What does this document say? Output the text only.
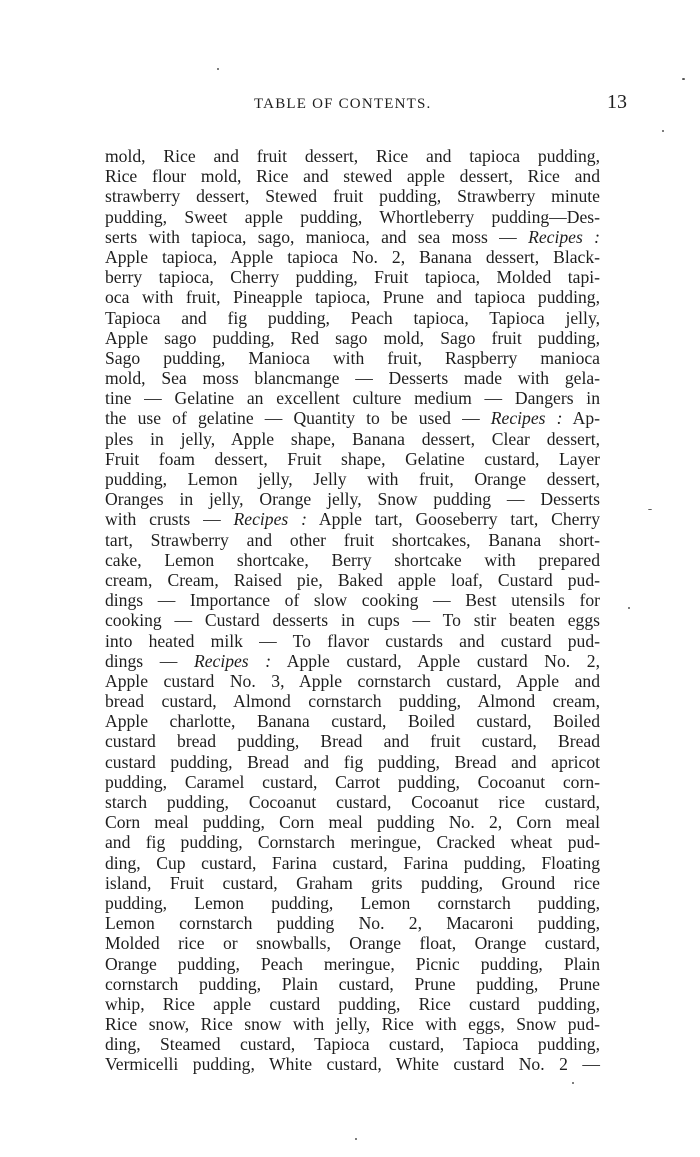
TABLE OF CONTENTS.	13
mold, Rice and fruit dessert, Rice and tapioca pudding,
Rice flour mold, Rice and stewed apple dessert, Rice and
strawberry dessert, Stewed fruit pudding, Strawberry minute
pudding, Sweet apple pudding, Whortleberry pudding—Des-
serts with tapioca, sago, manioca, and sea moss — Recipes :
Apple tapioca, Apple tapioca No. 2, Banana dessert, Black-
berry tapioca, Cherry pudding, Fruit tapioca, Molded tapi-
oca with fruit, Pineapple tapioca, Prune and tapioca pudding,
Tapioca and fig pudding, Peach tapioca, Tapioca jelly,
Apple sago pudding, Red sago mold, Sago fruit pudding,
Sago pudding, Manioca with fruit, Raspberry manioca
mold, Sea moss blancmange — Desserts made with gela-
tine — Gelatine an excellent culture medium — Dangers in
the use of gelatine — Quantity to be used — Recipes : Ap-
ples in jelly, Apple shape, Banana dessert, Clear dessert,
Fruit foam dessert, Fruit shape, Gelatine custard, Layer
pudding, Lemon jelly, Jelly with fruit, Orange dessert,
Oranges in jelly, Orange jelly, Snow pudding — Desserts
with crusts — Recipes : Apple tart, Gooseberry tart, Cherry
tart, Strawberry and other fruit shortcakes, Banana short-
cake, Lemon shortcake, Berry shortcake with prepared
cream, Cream, Raised pie, Baked apple loaf, Custard pud-
dings — Importance of slow cooking — Best utensils for
cooking — Custard desserts in cups — To stir beaten eggs
into heated milk — To flavor custards and custard pud-
dings — Recipes : Apple custard, Apple custard No. 2,
Apple custard No. 3, Apple cornstarch custard, Apple and
bread custard, Almond cornstarch pudding, Almond cream,
Apple charlotte, Banana custard, Boiled custard, Boiled
custard bread pudding, Bread and fruit custard, Bread
custard pudding, Bread and fig pudding, Bread and apricot
pudding, Caramel custard, Carrot pudding, Cocoanut corn-
starch pudding, Cocoanut custard, Cocoanut rice custard,
Corn meal pudding, Corn meal pudding No. 2, Corn meal
and fig pudding, Cornstarch meringue, Cracked wheat pud-
ding, Cup custard, Farina custard, Farina pudding, Floating
island, Fruit custard, Graham grits pudding, Ground rice
pudding, Lemon pudding, Lemon cornstarch pudding,
Lemon cornstarch pudding No. 2, Macaroni pudding,
Molded rice or snowballs, Orange float, Orange custard,
Orange pudding, Peach meringue, Picnic pudding, Plain
cornstarch pudding, Plain custard, Prune pudding, Prune
whip, Rice apple custard pudding, Rice custard pudding,
Rice snow, Rice snow with jelly, Rice with eggs, Snow pud-
ding, Steamed custard, Tapioca custard, Tapioca pudding,
Vermicelli pudding, White custard, White custard No. 2 —
